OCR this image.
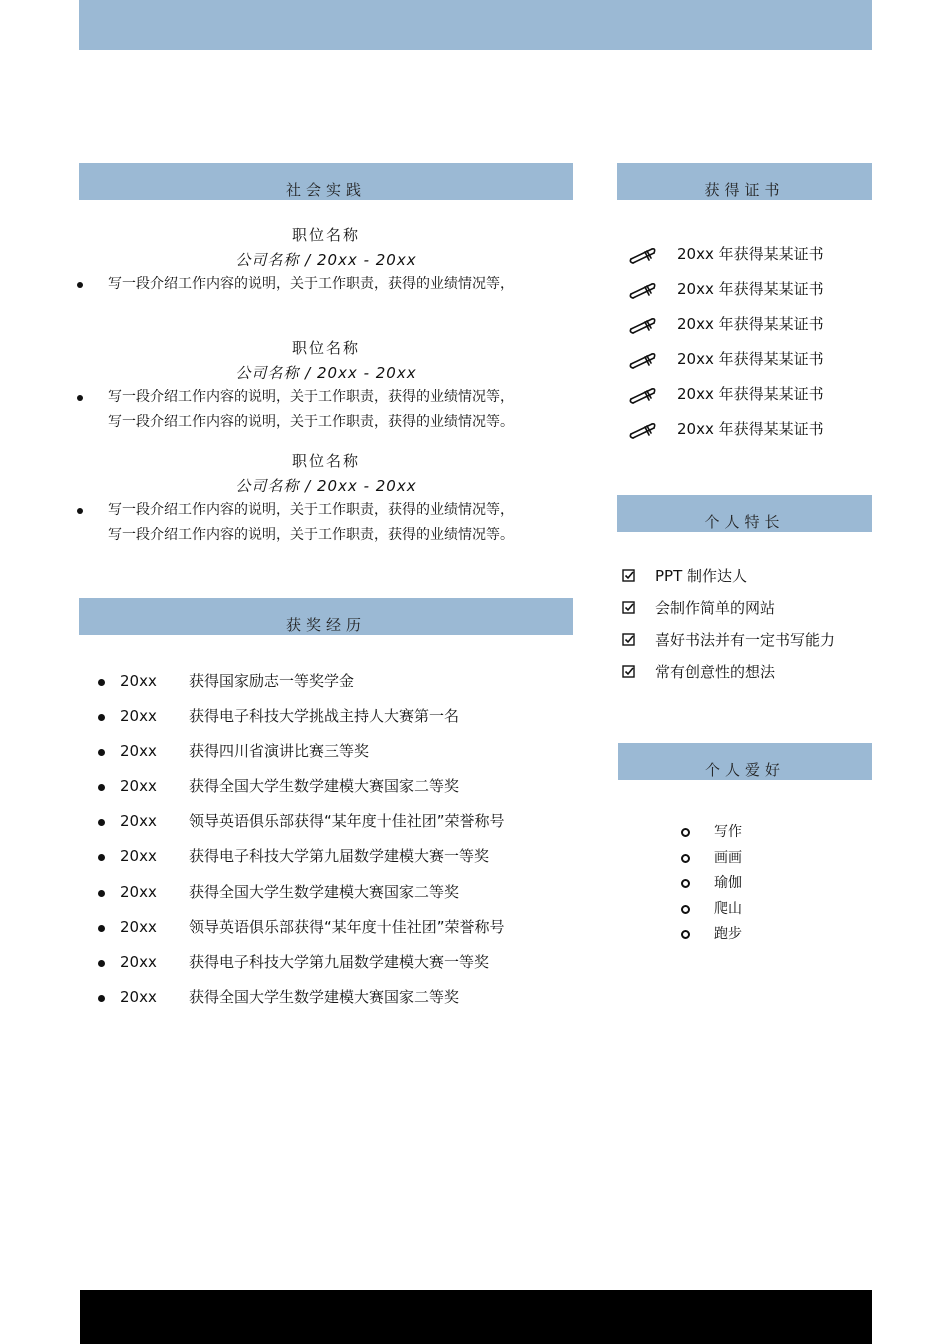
社会实践
职位名称
公司名称 / 20xx - 20xx

写一段介绍工作内容的说明，关于工作职责，获得的业绩情况等，

职位名称
公司名称 / 20xx - 20xx

写一段介绍工作内容的说明，关于工作职责，获得的业绩情况等，

写一段介绍工作内容的说明，关于工作职责，获得的业绩情况等。

职位名称
公司名称 / 20xx - 20xx

写一段介绍工作内容的说明，关于工作职责，获得的业绩情况等，

写一段介绍工作内容的说明，关于工作职责，获得的业绩情况等。

获奖经历
20xx 获得国家励志一等奖学金
20xx 获得电子科技大学挑战主持人大赛第一名
20xx 获得四川省演讲比赛三等奖
20xx 获得全国大学生数学建模大赛国家二等奖
20xx 领导英语俱乐部获得“某年度十佳社团”荣誉称号
20xx 获得电子科技大学第九届数学建模大赛一等奖
20xx 获得全国大学生数学建模大赛国家二等奖
20xx 领导英语俱乐部获得“某年度十佳社团”荣誉称号
20xx 获得电子科技大学第九届数学建模大赛一等奖
20xx 获得全国大学生数学建模大赛国家二等奖
获得证书
20xx 年获得某某证书
20xx 年获得某某证书
20xx 年获得某某证书
20xx 年获得某某证书
20xx 年获得某某证书
20xx 年获得某某证书
个人特长
PPT 制作达人
会制作简单的网站
喜好书法并有一定书写能力
常有创意性的想法
个人爱好
写作
画画
瑜伽
爬山
跑步
